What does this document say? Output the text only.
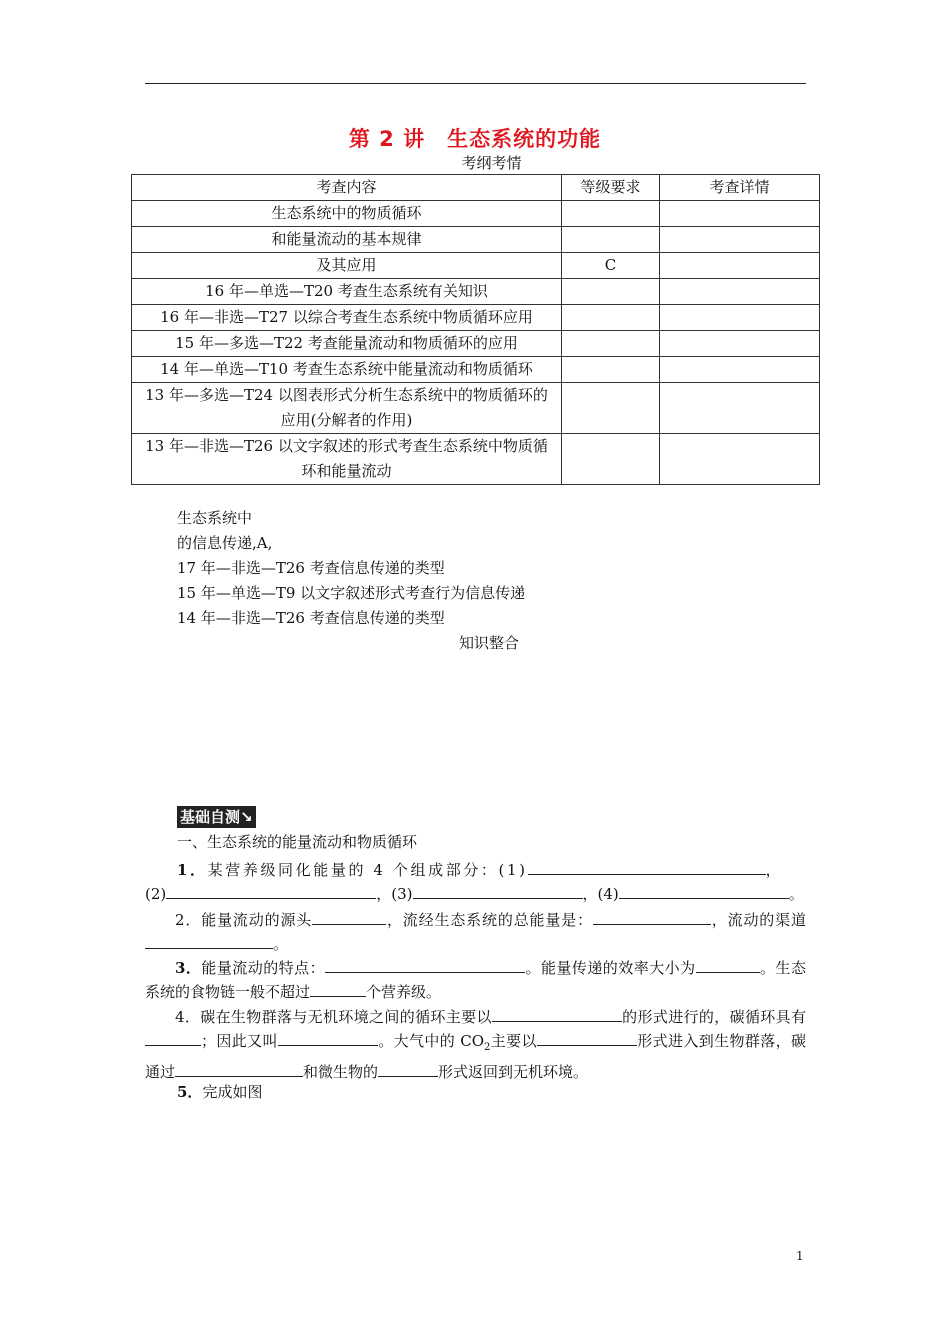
第 2 讲　生态系统的功能
考纲考情
考查内容	等级要求	考查详情
生态系统中的物质循环		
和能量流动的基本规律		
及其应用	C	
16 年—单选—T20 考查生态系统有关知识		
16 年—非选—T27 以综合考查生态系统中物质循环应用		
15 年—多选—T22 考查能量流动和物质循环的应用		
14 年—单选—T10 考查生态系统中能量流动和物质循环		
13 年—多选—T24 以图表形式分析生态系统中的物质循环的应用(分解者的作用)		
13 年—非选—T26 以文字叙述的形式考查生态系统中物质循环和能量流动		
生态系统中
的信息传递,A,
17 年—非选—T26 考查信息传递的类型
15 年—单选—T9 以文字叙述形式考查行为信息传递
14 年—非选—T26 考查信息传递的类型
知识整合
基础自测↘
一、生态系统的能量流动和物质循环
1．某营养级同化能量的 4 个组成部分：(1)	，
(2)	，(3)	，(4)	。
2．能量流动的源头	，流经生态系统的总能量是：	，流动的渠道。
3．能量流动的特点：	。能量传递的效率大小为	。生态系统的食物链一般不超过	个营养级。
4．碳在生物群落与无机环境之间的循环主要以	的形式进行的，碳循环具有；因此又叫	。大气中的 $CO_2$主要以	形式进入到生物群落，碳通过	和微生物的	形式返回到无机环境。
5．完成如图
1
